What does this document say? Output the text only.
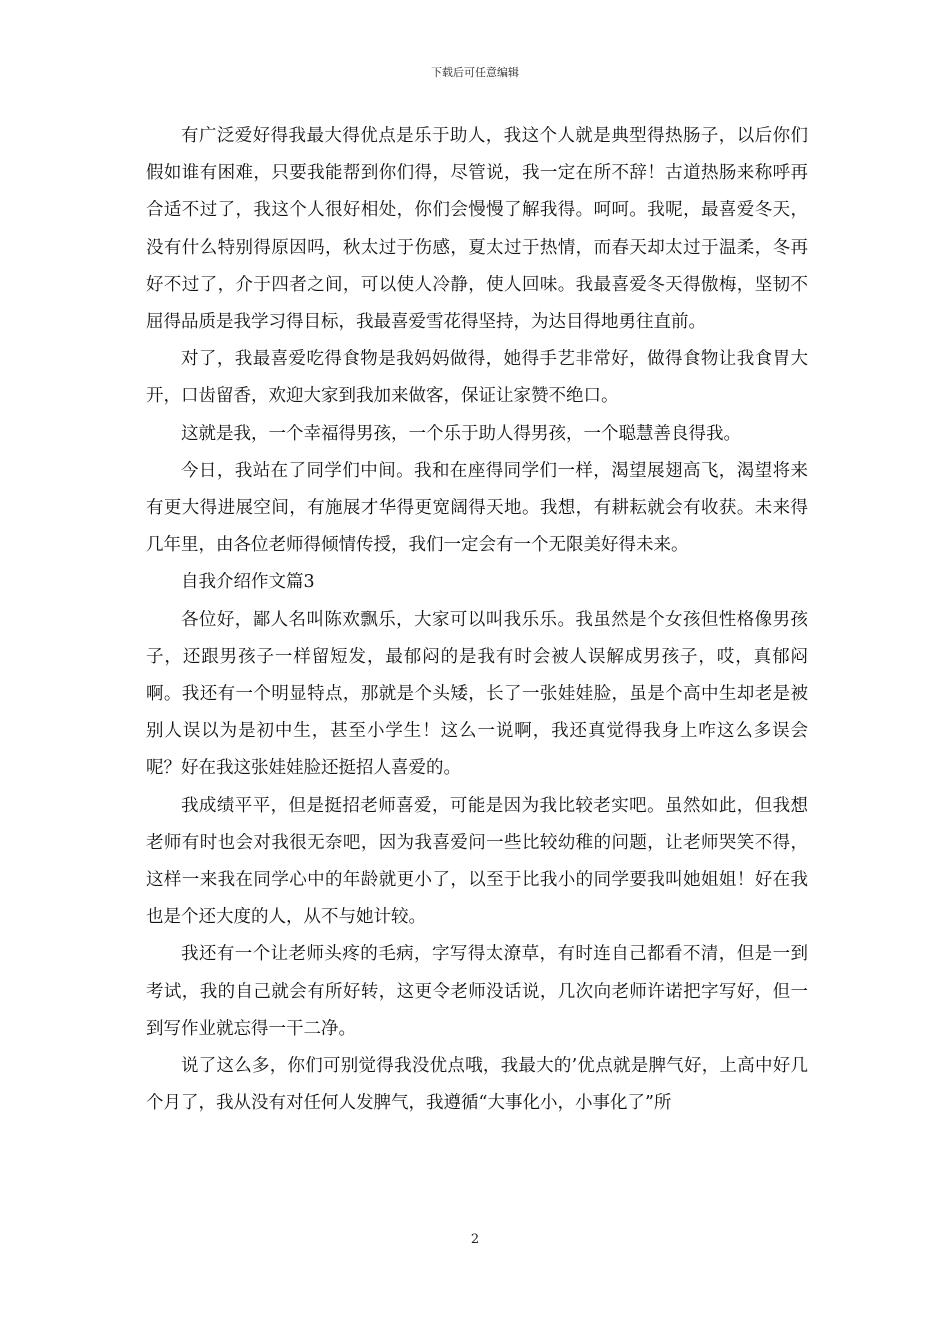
下载后可任意编辑

有广泛爱好得我最大得优点是乐于助人，我这个人就是典型得热肠子，以后你们假如谁有困难，只要我能帮到你们得，尽管说，我一定在所不辞！古道热肠来称呼再合适不过了，我这个人很好相处，你们会慢慢了解我得。呵呵。我呢，最喜爱冬天，没有什么特别得原因吗，秋太过于伤感，夏太过于热情，而春天却太过于温柔，冬再好不过了，介于四者之间，可以使人冷静，使人回味。我最喜爱冬天得傲梅，坚韧不屈得品质是我学习得目标，我最喜爱雪花得坚持，为达目得地勇往直前。

对了，我最喜爱吃得食物是我妈妈做得，她得手艺非常好，做得食物让我食胃大开，口齿留香，欢迎大家到我加来做客，保证让家赞不绝口。

这就是我，一个幸福得男孩，一个乐于助人得男孩，一个聪慧善良得我。

今日，我站在了同学们中间。我和在座得同学们一样，渴望展翅高飞，渴望将来有更大得进展空间，有施展才华得更宽阔得天地。我想，有耕耘就会有收获。未来得几年里，由各位老师得倾情传授，我们一定会有一个无限美好得未来。

自我介绍作文篇3

各位好，鄙人名叫陈欢飘乐，大家可以叫我乐乐。我虽然是个女孩但性格像男孩子，还跟男孩子一样留短发，最郁闷的是我有时会被人误解成男孩子，哎，真郁闷啊。我还有一个明显特点，那就是个头矮，长了一张娃娃脸，虽是个高中生却老是被别人误以为是初中生，甚至小学生！这么一说啊，我还真觉得我身上咋这么多误会呢？好在我这张娃娃脸还挺招人喜爱的。

我成绩平平，但是挺招老师喜爱，可能是因为我比较老实吧。虽然如此，但我想老师有时也会对我很无奈吧，因为我喜爱问一些比较幼稚的问题，让老师哭笑不得，这样一来我在同学心中的年龄就更小了，以至于比我小的同学要我叫她姐姐！好在我也是个还大度的人，从不与她计较。

我还有一个让老师头疼的毛病，字写得太潦草，有时连自己都看不清，但是一到考试，我的自己就会有所好转，这更令老师没话说，几次向老师许诺把字写好，但一到写作业就忘得一干二净。

说了这么多，你们可别觉得我没优点哦，我最大的’优点就是脾气好，上高中好几个月了，我从没有对任何人发脾气，我遵循“大事化小，小事化了”所

2
